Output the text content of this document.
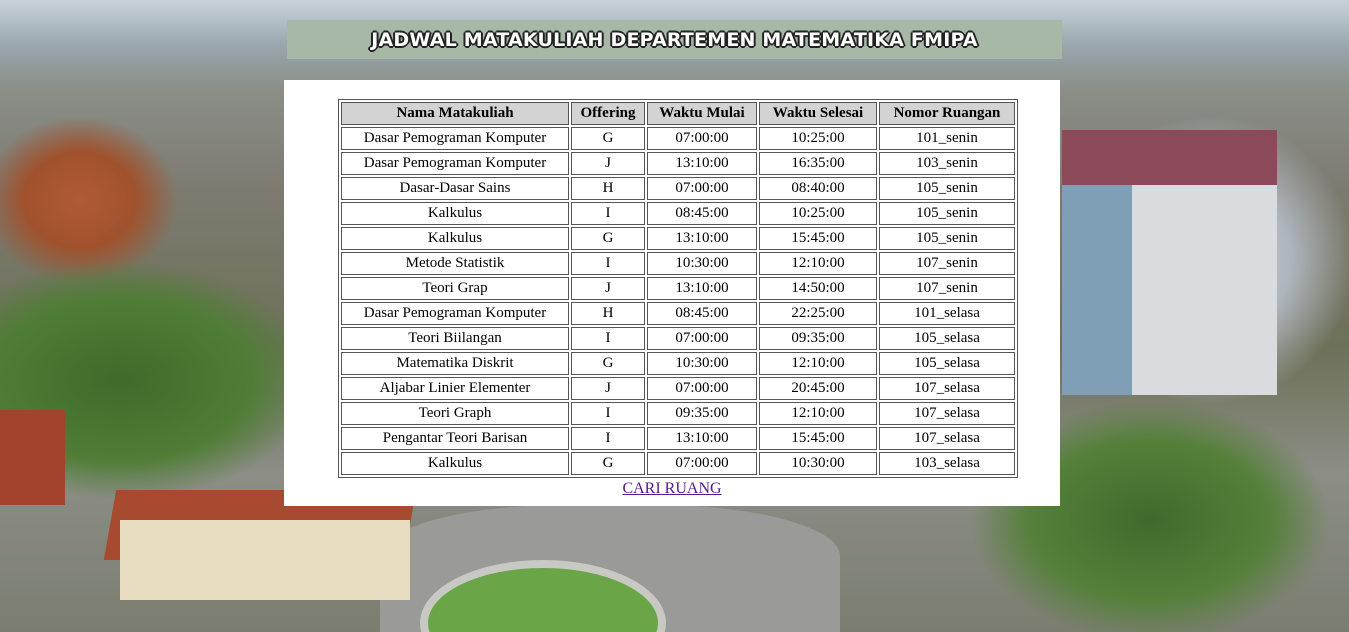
JADWAL MATAKULIAH DEPARTEMEN MATEMATIKA FMIPA
Nama Matakuliah	Offering	Waktu Mulai	Waktu Selesai	Nomor Ruangan
Dasar Pemograman Komputer	G	07:00:00	10:25:00	101_senin
Dasar Pemograman Komputer	J	13:10:00	16:35:00	103_senin
Dasar-Dasar Sains	H	07:00:00	08:40:00	105_senin
Kalkulus	I	08:45:00	10:25:00	105_senin
Kalkulus	G	13:10:00	15:45:00	105_senin
Metode Statistik	I	10:30:00	12:10:00	107_senin
Teori Grap	J	13:10:00	14:50:00	107_senin
Dasar Pemograman Komputer	H	08:45:00	22:25:00	101_selasa
Teori Biilangan	I	07:00:00	09:35:00	105_selasa
Matematika Diskrit	G	10:30:00	12:10:00	105_selasa
Aljabar Linier Elementer	J	07:00:00	20:45:00	107_selasa
Teori Graph	I	09:35:00	12:10:00	107_selasa
Pengantar Teori Barisan	I	13:10:00	15:45:00	107_selasa
Kalkulus	G	07:00:00	10:30:00	103_selasa
CARI RUANG
